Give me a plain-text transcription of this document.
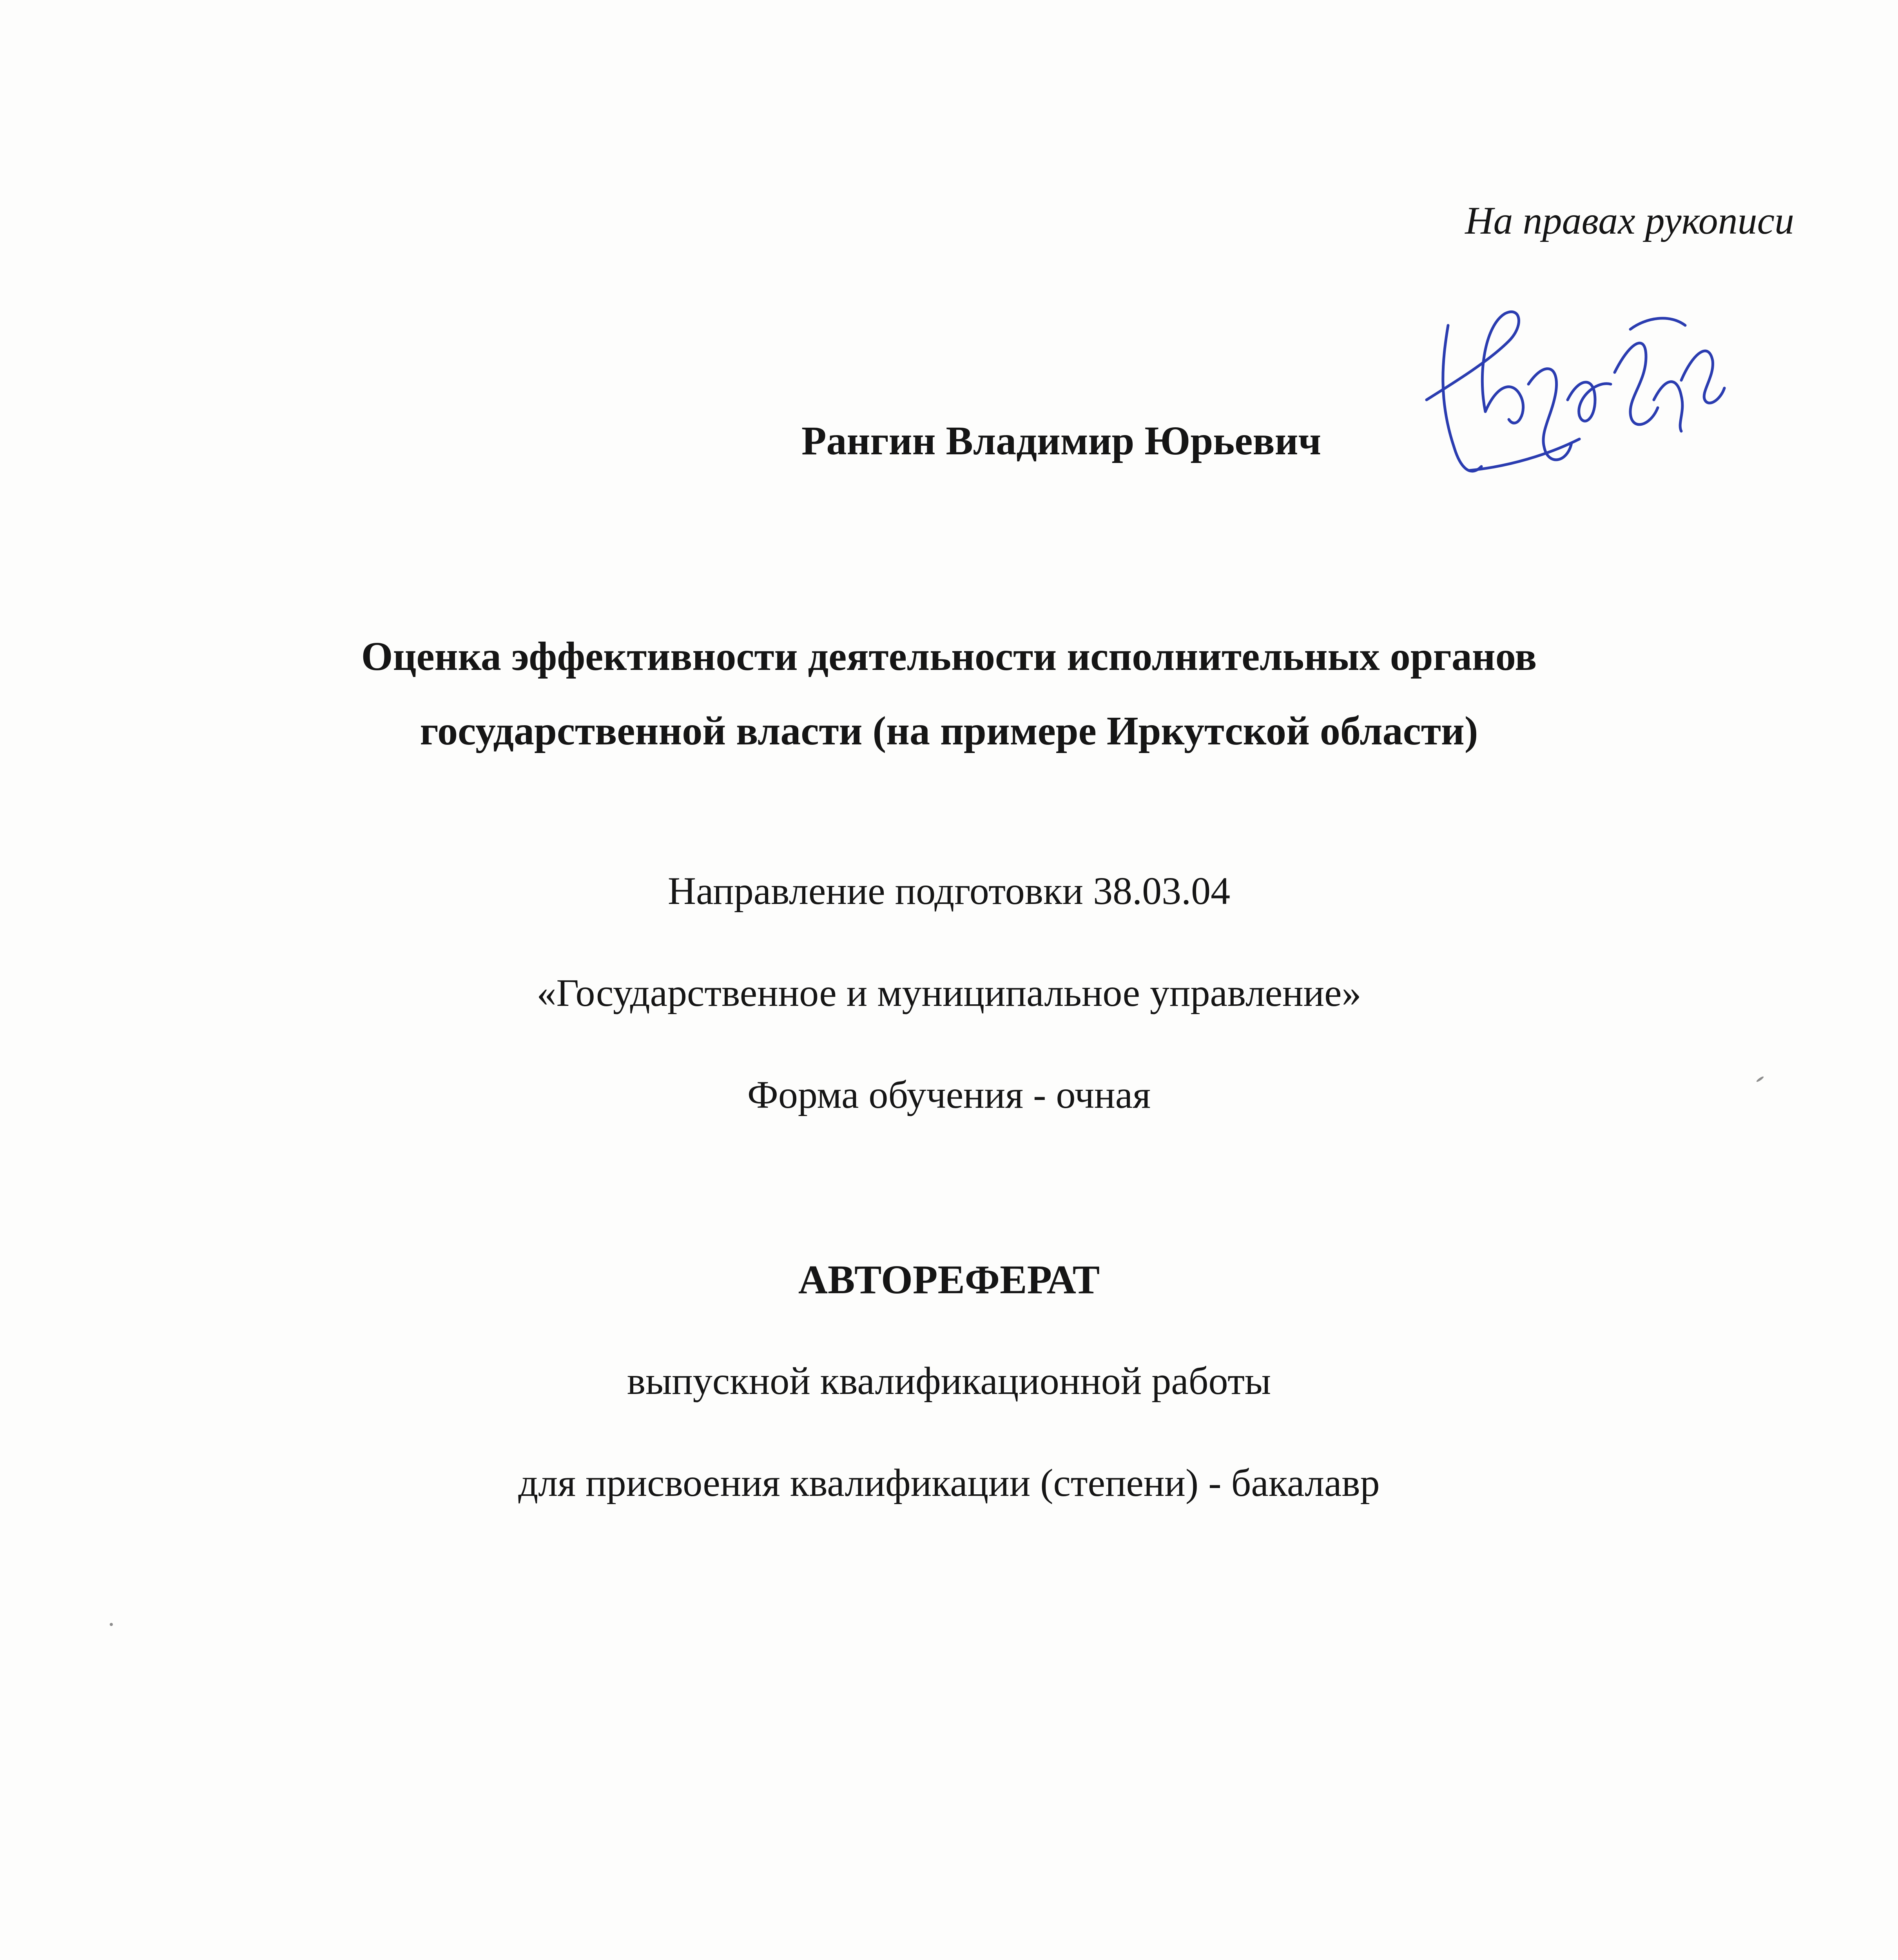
На правах рукописи

Рангин Владимир Юрьевич

Оценка эффективности деятельности исполнительных органов

государственной власти (на примере Иркутской области)

Направление подготовки 38.03.04

«Государственное и муниципальное управление»

Форма обучения - очная

АВТОРЕФЕРАТ

выпускной квалификационной работы

для присвоения квалификации (степени) - бакалавр
